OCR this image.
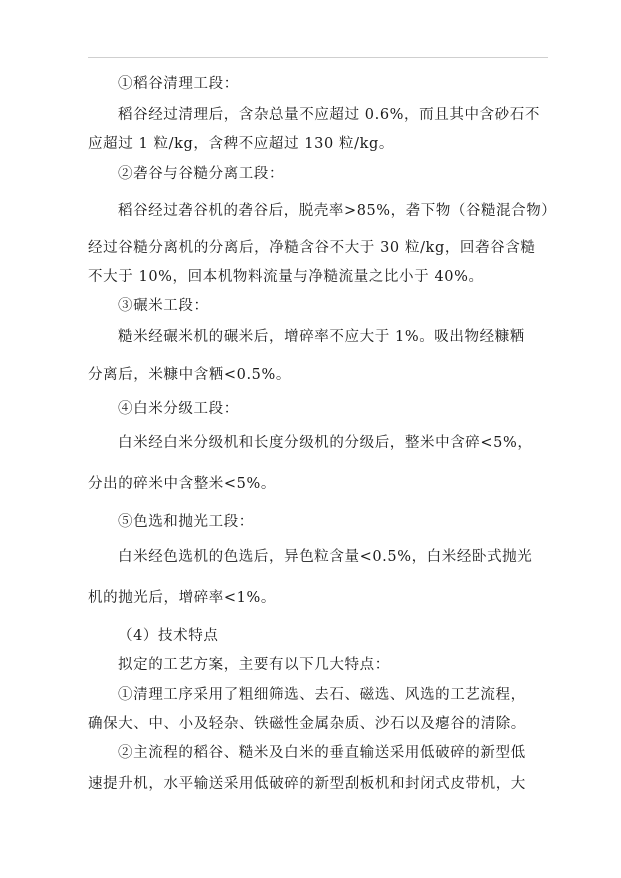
①稻谷清理工段：
稻谷经过清理后，含杂总量不应超过 0.6%，而且其中含砂石不
应超过 1 粒/kg，含稗不应超过 130 粒/kg。
②砻谷与谷糙分离工段：
稻谷经过砻谷机的砻谷后，脱壳率>85%，砻下物（谷糙混合物）
经过谷糙分离机的分离后，净糙含谷不大于 30 粒/kg，回砻谷含糙
不大于 10%，回本机物料流量与净糙流量之比小于 40%。
③碾米工段：
糙米经碾米机的碾米后，增碎率不应大于 1%。吸出物经糠粞
分离后，米糠中含粞<0.5%。
④白米分级工段：
白米经白米分级机和长度分级机的分级后，整米中含碎<5%，
分出的碎米中含整米<5%。
⑤色选和抛光工段：
白米经色选机的色选后，异色粒含量<0.5%，白米经卧式抛光
机的抛光后，增碎率<1%。
（4）技术特点
拟定的工艺方案，主要有以下几大特点：
①清理工序采用了粗细筛选、去石、磁选、风选的工艺流程，
确保大、中、小及轻杂、铁磁性金属杂质、沙石以及瘪谷的清除。
②主流程的稻谷、糙米及白米的垂直输送采用低破碎的新型低
速提升机，水平输送采用低破碎的新型刮板机和封闭式皮带机，大
